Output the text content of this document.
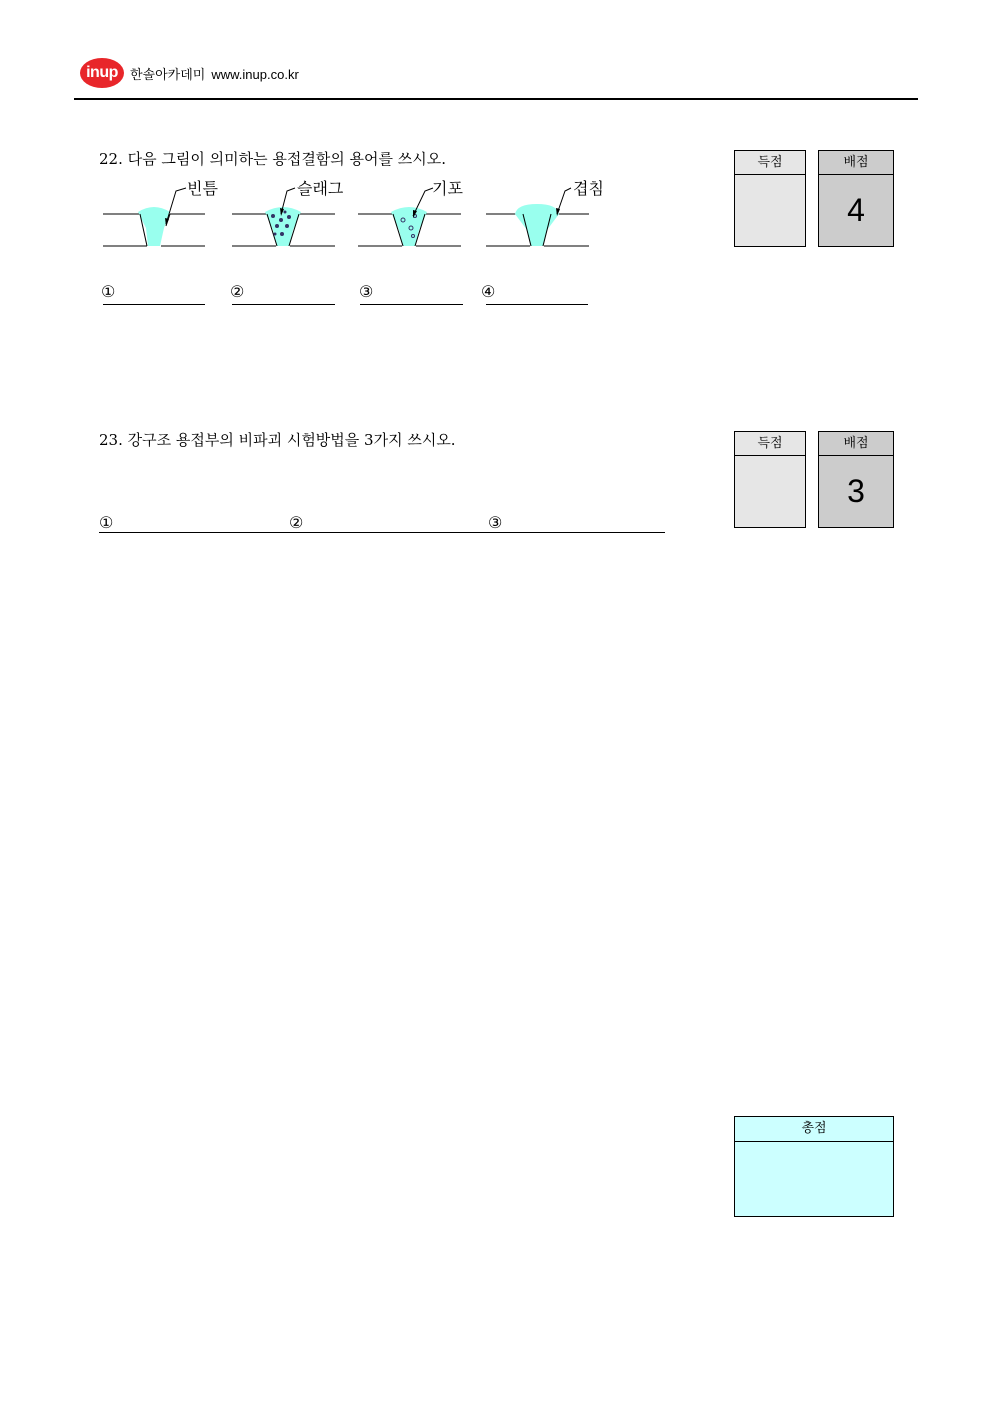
inup 한솔아카데미 www.inup.co.kr
22. 다음 그림이 의미하는 용접결함의 용어를 쓰시오.
빈틈	슬래그	기포	겹침
①	②	③	④
득점	배점
4
23. 강구조 용접부의 비파괴 시험방법을 3가지 쓰시오.
①	②	③
득점	배점
3
총점
